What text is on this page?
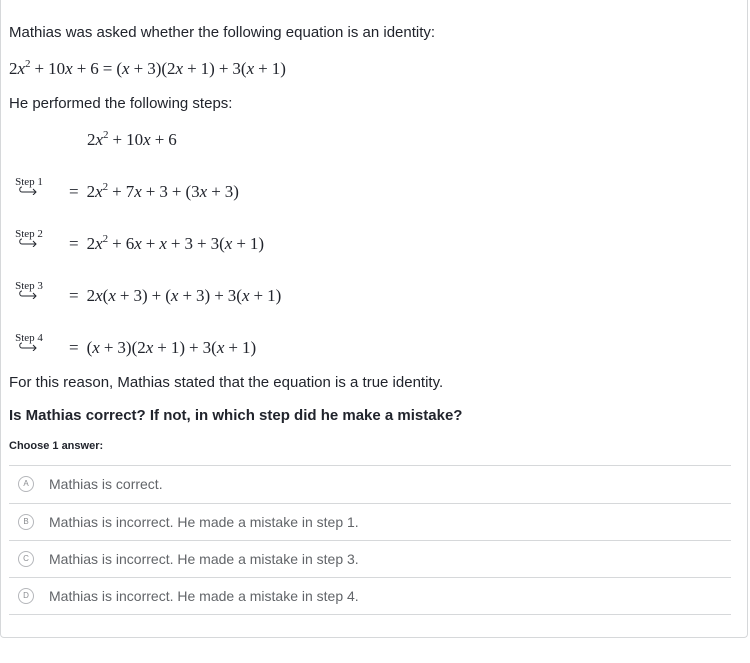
Mathias was asked whether the following equation is an identity:
$2x^2 + 10x + 6 = (x + 3)(2x + 1) + 3(x + 1)$
He performed the following steps:
$2x^2 + 10x + 6$
Step $1 = 2x^2 + 7x + 3 + (3x + 3)$
Step $2 = 2x^2 + 6x + x + 3 + 3(x + 1)$
Step 3 = 2x(x + 3) + (x + 3) + 3(x + 1)
Step 4 = (x + 3)(2x + 1) + 3(x + 1)
For this reason, Mathias stated that the equation is a true identity.
Is Mathias correct? If not, in which step did he make a mistake?
Choose 1 answer:
A	Mathias is correct.
B	Mathias is incorrect. He made a mistake in step 1.
C	Mathias is incorrect. He made a mistake in step 3.
D	Mathias is incorrect. He made a mistake in step 4.
